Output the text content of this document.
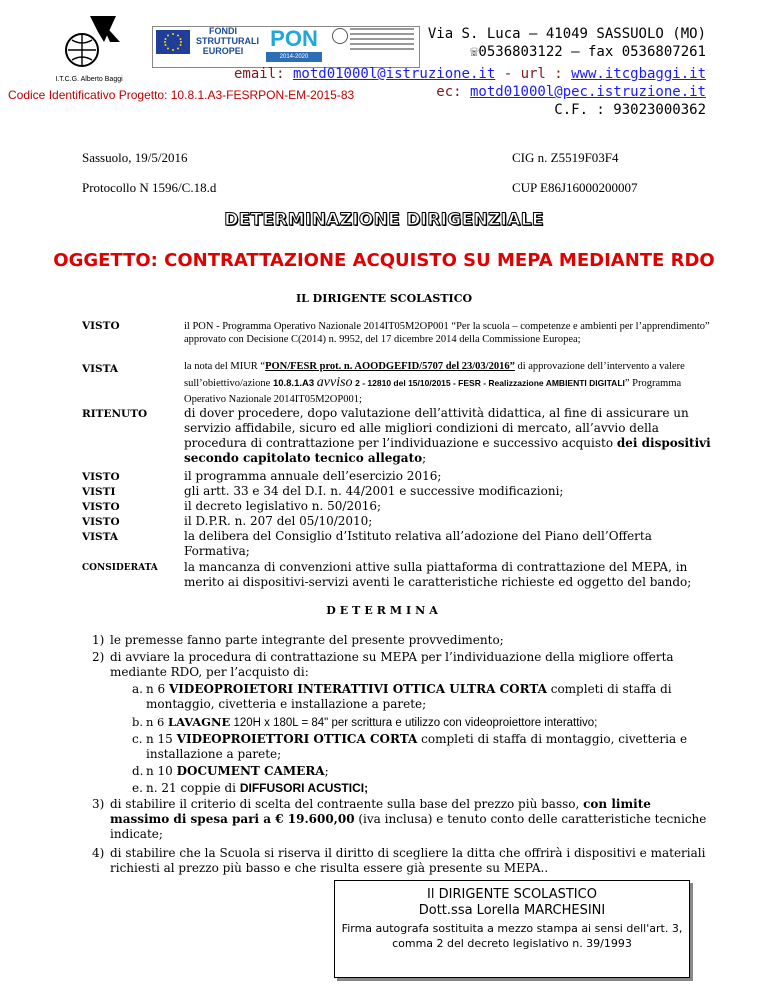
I.T.C.G. Alberto Baggi
FONDI STRUTTURALI EUROPEI	PON
2014-2020
Via S. Luca – 41049 SASSUOLO (MO)
☏0536803122 – fax 0536807261
email: motd01000l@istruzione.it - url : www.itcgbaggi.it
Codice Identificativo Progetto: 10.8.1.A3-FESRPON-EM-2015-83	ec: motd01000l@pec.istruzione.it
C.F. : 93023000362
Sassuolo, 19/5/2016	CIG n. Z5519F03F4
Protocollo N 1596/C.18.d	CUP E86J16000200007
DETERMINAZIONE DIRIGENZIALE
OGGETTO: CONTRATTAZIONE ACQUISTO SU MEPA MEDIANTE RDO
IL DIRIGENTE SCOLASTICO
VISTO	il PON - Programma Operativo Nazionale 2014IT05M2OP001 “Per la scuola – competenze e ambienti per l’apprendimento” approvato con Decisione C(2014) n. 9952, del 17 dicembre 2014 della Commissione Europea;
VISTA	la nota del MIUR “PON/FESR prot. n. AOODGEFID/5707 del 23/03/2016” di approvazione dell’intervento a valere sull’obiettivo/azione 10.8.1.A3 avviso 2 - 12810 del 15/10/2015 - FESR - Realizzazione AMBIENTI DIGITALI” Programma Operativo Nazionale 2014IT05M2OP001;
RITENUTO	di dover procedere, dopo valutazione dell’attività didattica, al fine di assicurare un servizio affidabile, sicuro ed alle migliori condizioni di mercato, all’avvio della procedura di contrattazione per l’individuazione e successivo acquisto dei dispositivi secondo capitolato tecnico allegato;
VISTO	il programma annuale dell’esercizio 2016;
VISTI	gli artt. 33 e 34 del D.I. n. 44/2001 e successive modificazioni;
VISTO	il decreto legislativo n. 50/2016;
VISTO	il D.P.R. n. 207 del 05/10/2010;
VISTA	la delibera del Consiglio d’Istituto relativa all’adozione del Piano dell’Offerta Formativa;
CONSIDERATA la mancanza di convenzioni attive sulla piattaforma di contrattazione del MEPA, in merito ai dispositivi-servizi aventi le caratteristiche richieste ed oggetto del bando;
DETERMINA
1) le premesse fanno parte integrante del presente provvedimento;
2) di avviare la procedura di contrattazione su MEPA per l’individuazione della migliore offerta mediante RDO, per l’acquisto di:
a. n 6 VIDEOPROIETORI INTERATTIVI OTTICA ULTRA CORTA completi di staffa di montaggio, civetteria e installazione a parete;
b. n 6 LAVAGNE 120H x 180L = 84" per scrittura e utilizzo con videoproiettore interattivo;
c. n 15 VIDEOPROIETTORI OTTICA CORTA completi di staffa di montaggio, civetteria e installazione a parete;
d. n 10 DOCUMENT CAMERA;
e. n. 21 coppie di DIFFUSORI ACUSTICI;
3) di stabilire il criterio di scelta del contraente sulla base del prezzo più basso, con limite massimo di spesa pari a € 19.600,00 (iva inclusa) e tenuto conto delle caratteristiche tecniche indicate;
4) di stabilire che la Scuola si riserva il diritto di scegliere la ditta che offrirà i dispositivi e materiali richiesti al prezzo più basso e che risulta essere già presente su MEPA..
Il DIRIGENTE SCOLASTICO
Dott.ssa Lorella MARCHESINI
Firma autografa sostituita a mezzo stampa ai sensi dell'art. 3, comma 2 del decreto legislativo n. 39/1993
